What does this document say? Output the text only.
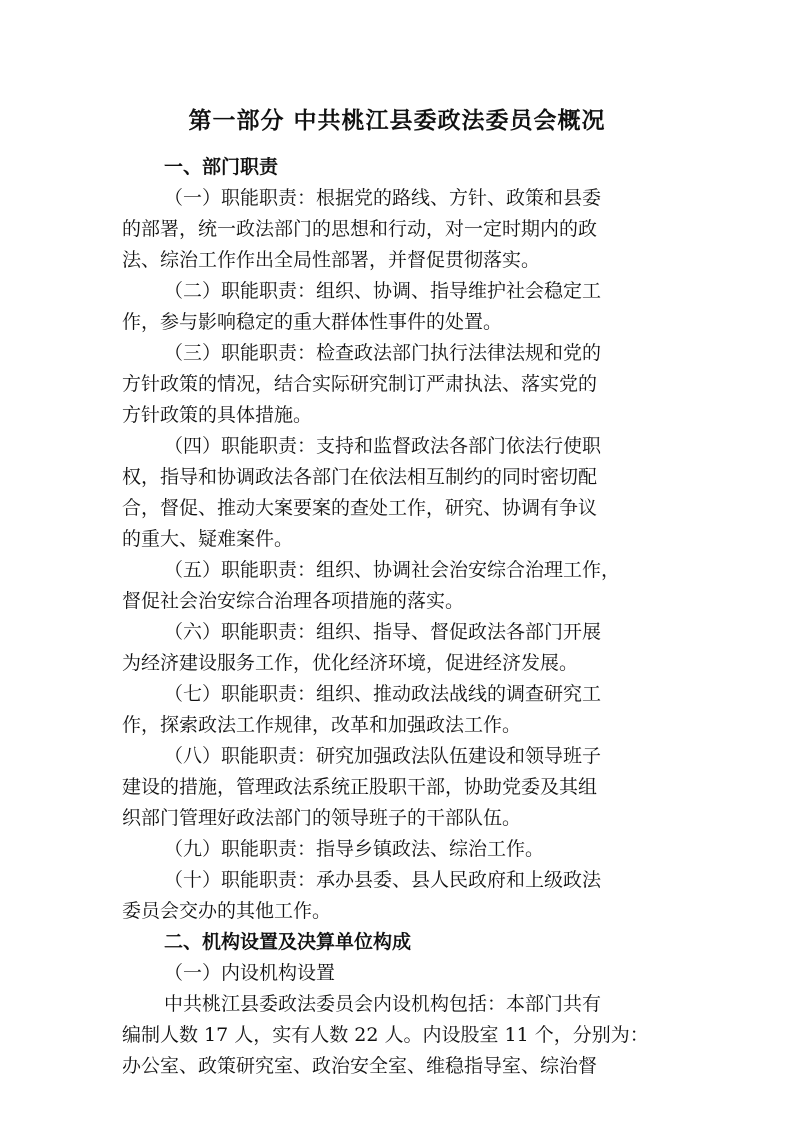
第一部分 中共桃江县委政法委员会概况
一、部门职责
（一）职能职责：根据党的路线、方针、政策和县委
的部署，统一政法部门的思想和行动，对一定时期内的政
法、综治工作作出全局性部署，并督促贯彻落实。
（二）职能职责：组织、协调、指导维护社会稳定工
作，参与影响稳定的重大群体性事件的处置。
（三）职能职责：检查政法部门执行法律法规和党的
方针政策的情况，结合实际研究制订严肃执法、落实党的
方针政策的具体措施。
（四）职能职责：支持和监督政法各部门依法行使职
权，指导和协调政法各部门在依法相互制约的同时密切配
合，督促、推动大案要案的查处工作，研究、协调有争议
的重大、疑难案件。
（五）职能职责：组织、协调社会治安综合治理工作，
督促社会治安综合治理各项措施的落实。
（六）职能职责：组织、指导、督促政法各部门开展
为经济建设服务工作，优化经济环境，促进经济发展。
（七）职能职责：组织、推动政法战线的调查研究工
作，探索政法工作规律，改革和加强政法工作。
（八）职能职责：研究加强政法队伍建设和领导班子
建设的措施，管理政法系统正股职干部，协助党委及其组
织部门管理好政法部门的领导班子的干部队伍。
（九）职能职责：指导乡镇政法、综治工作。
（十）职能职责：承办县委、县人民政府和上级政法
委员会交办的其他工作。
二、机构设置及决算单位构成
（一）内设机构设置
中共桃江县委政法委员会内设机构包括：本部门共有
编制人数 17 人，实有人数 22 人。内设股室 11 个，分别为：
办公室、政策研究室、政治安全室、维稳指导室、综治督
